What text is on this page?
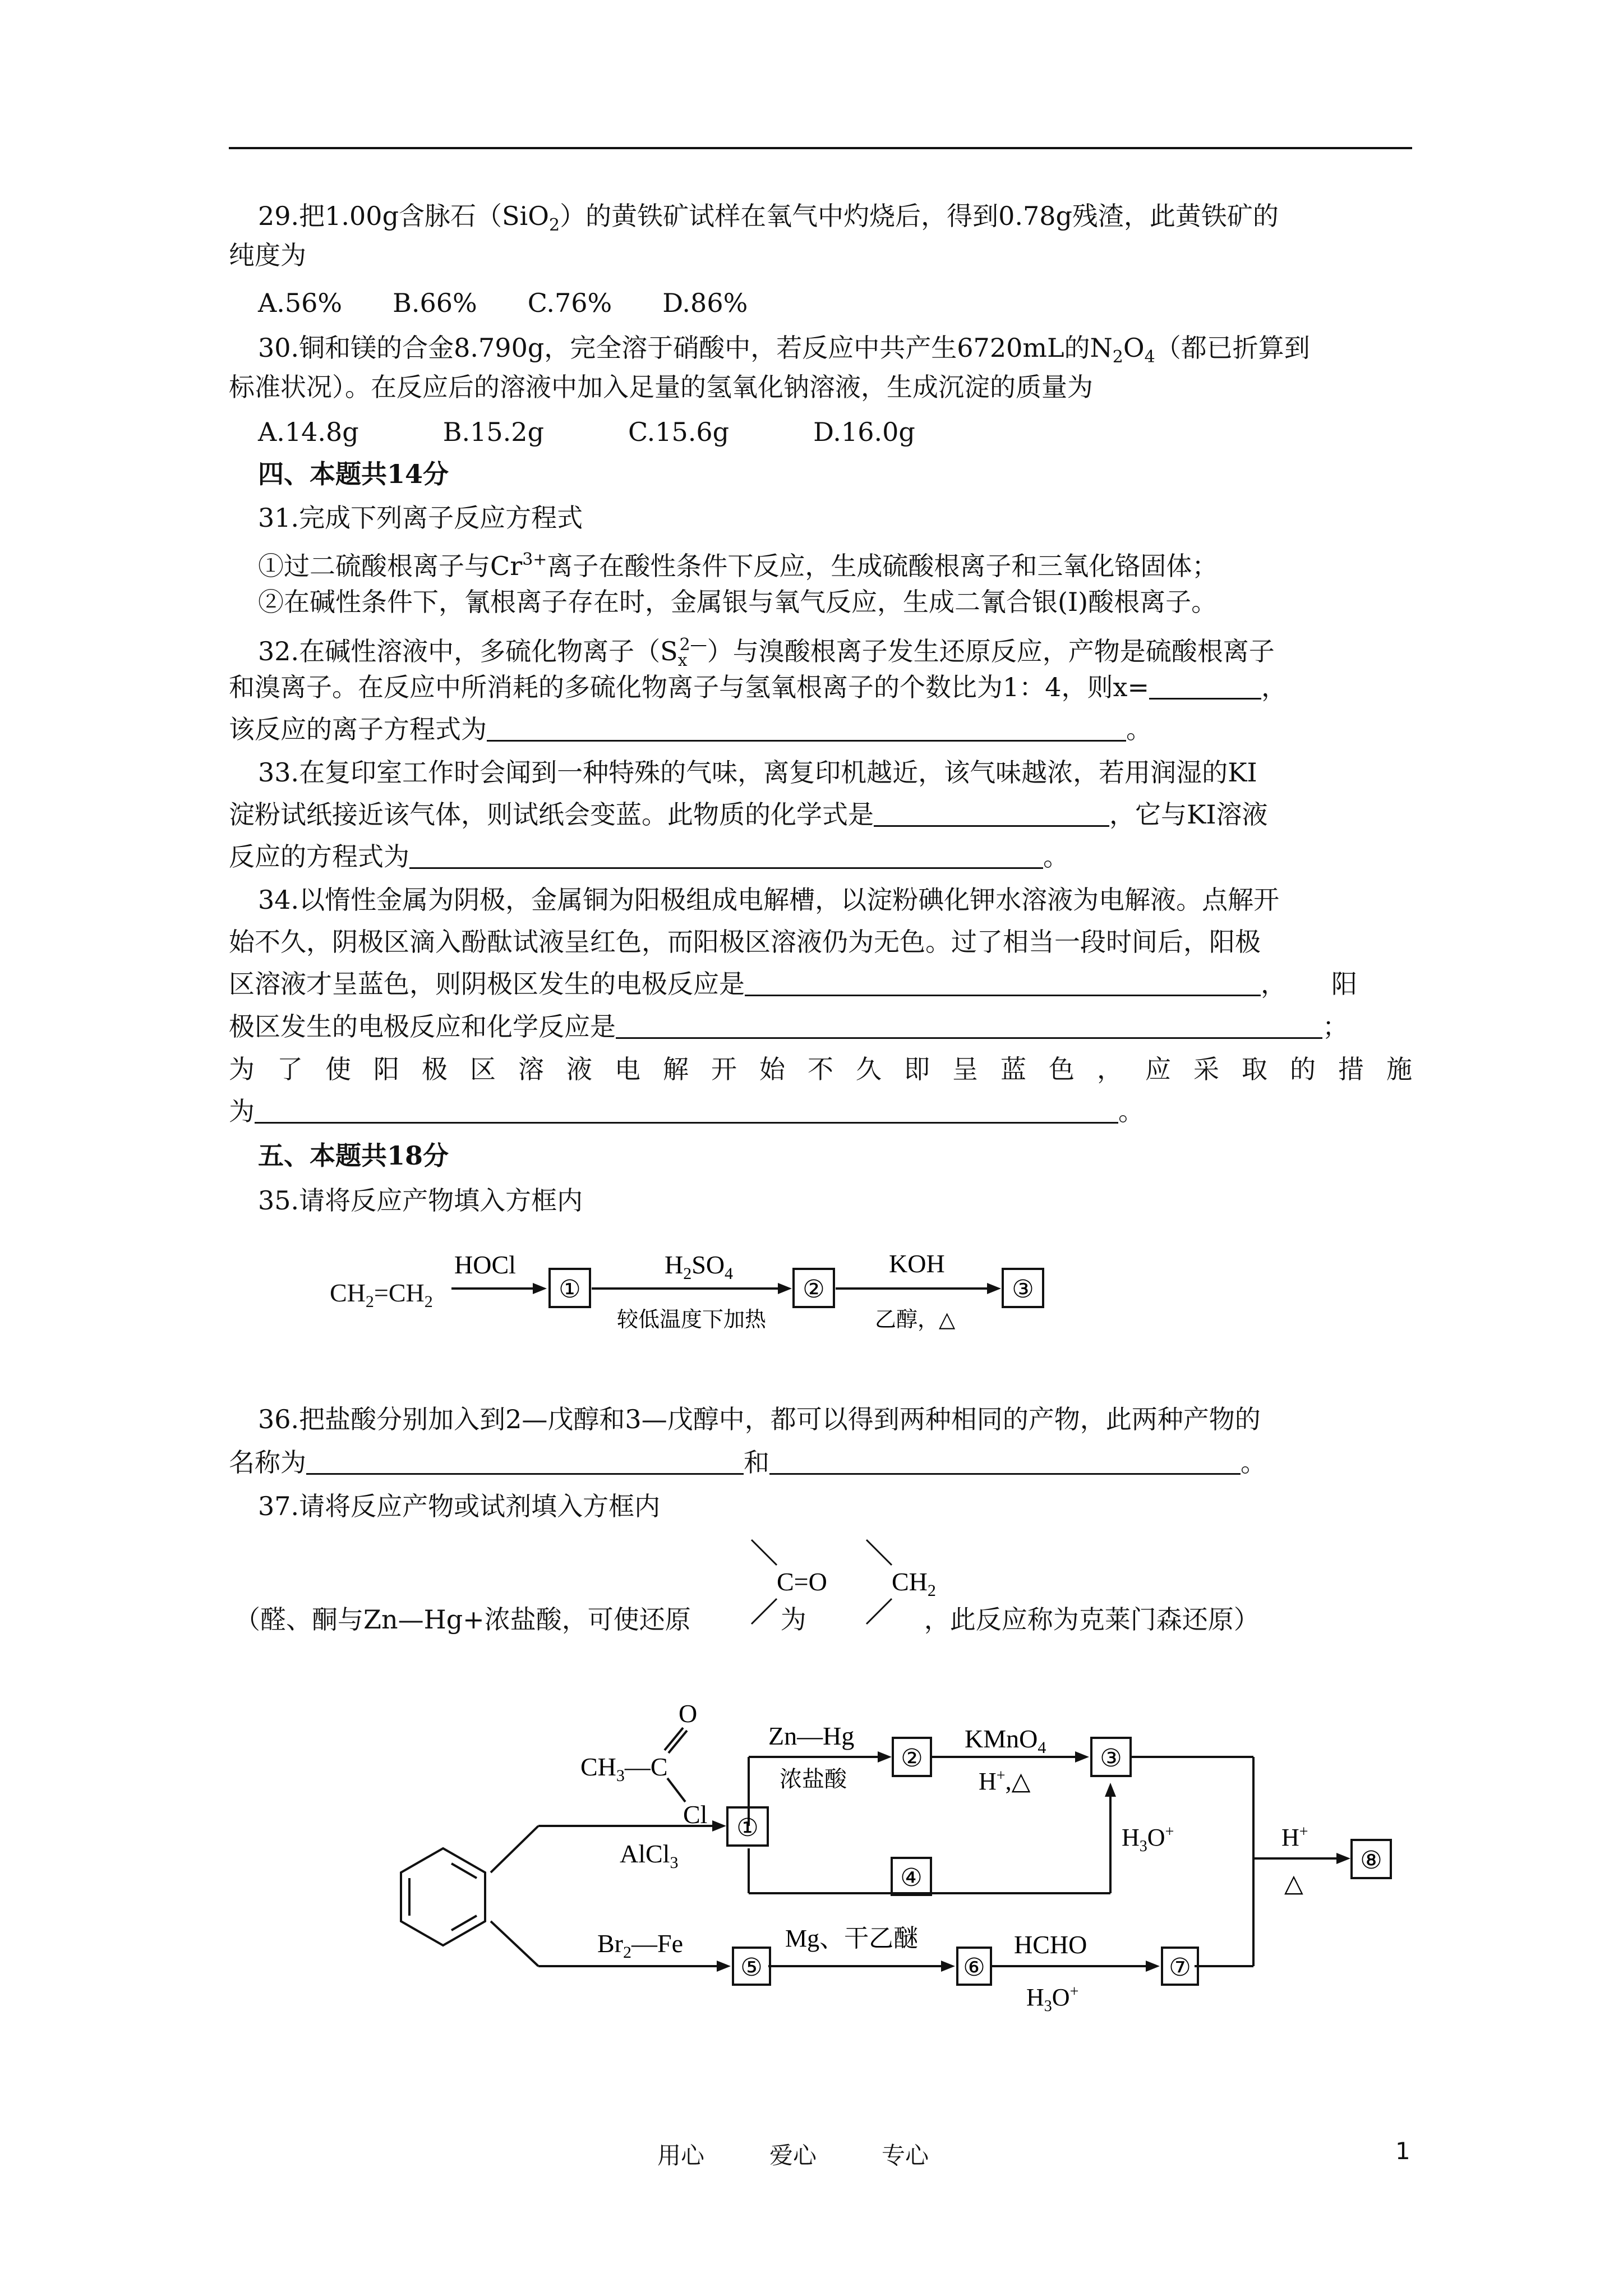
29.把1.00g含脉石（SiO$_2$）的黄铁矿试样在氧气中灼烧后，得到0.78g残渣，此黄铁矿的
纯度为
A.56% B.66% C.76% D.86%
30.铜和镁的合金8.790g，完全溶于硝酸中，若反应中共产生6720mL的$N_2O_4$（都已折算到
标准状况）。在反应后的溶液中加入足量的氢氧化钠溶液，生成沉淀的质量为
A.14.8g	B.15.2g	C.15.6g	D.16.0g
四、本题共14分
31.完成下列离子反应方程式
①过二硫酸根离子与$Cr^{3+}$离子在酸性条件下反应，生成硫酸根离子和三氧化铬固体；
②在碱性条件下，氰根离子存在时，金属银与氧气反应，生成二氰合银(I)酸根离子。
32.在碱性溶液中，多硫化物离子$(S_x^{2—})$与溴酸根离子发生还原反应，产物是硫酸根离子
和溴离子。在反应中所消耗的多硫化物离子与氢氧根离子的个数比为1：4，则x=	，
该反应的离子方程式为	。
33.在复印室工作时会闻到一种特殊的气味，离复印机越近，该气味越浓，若用润湿的KI
淀粉试纸接近该气体，则试纸会变蓝。此物质的化学式是	，它与KI溶液
反应的方程式为	。
34.以惰性金属为阴极，金属铜为阳极组成电解槽，以淀粉碘化钾水溶液为电解液。点解开
始不久，阴极区滴入酚酞试液呈红色，而阳极区溶液仍为无色。过了相当一段时间后，阳极
区溶液才呈蓝色，则阴极区发生的电极反应是	， 阳
极区发生的电极反应和化学反应是	；
为 了 使 阳 极 区 溶 液 电 解 开 始 不 久 即 呈 蓝 色 ， 应 采 取 的 措 施
为	。
五、本题共18分
35.请将反应产物填入方框内
$CH_2=CH_2$
HOCl
①
$H_2SO_4$
较低温度下加热
②
KOH
乙醇，△
③
36.把盐酸分别加入到2—戊醇和3—戊醇中，都可以得到两种相同的产物，此两种产物的
名称为	和	。
37.请将反应产物或试剂填入方框内
C=O	$CH_2$
（醛、酮与Zn—Hg+浓盐酸，可使还原	为	，此反应称为克莱门森还原）
O
$CH_3—C$
Cl
AlCl$_3$
①
②	③
④
⑧
⑤	⑥	⑦
Zn—Hg
浓盐酸
KMnO$_4$
H+,△
$H_3O^+$	H+
△
$Br_2—Fe$	Mg、干乙醚	HCHO
$H_3O^+$
用心	爱心	专心	1
